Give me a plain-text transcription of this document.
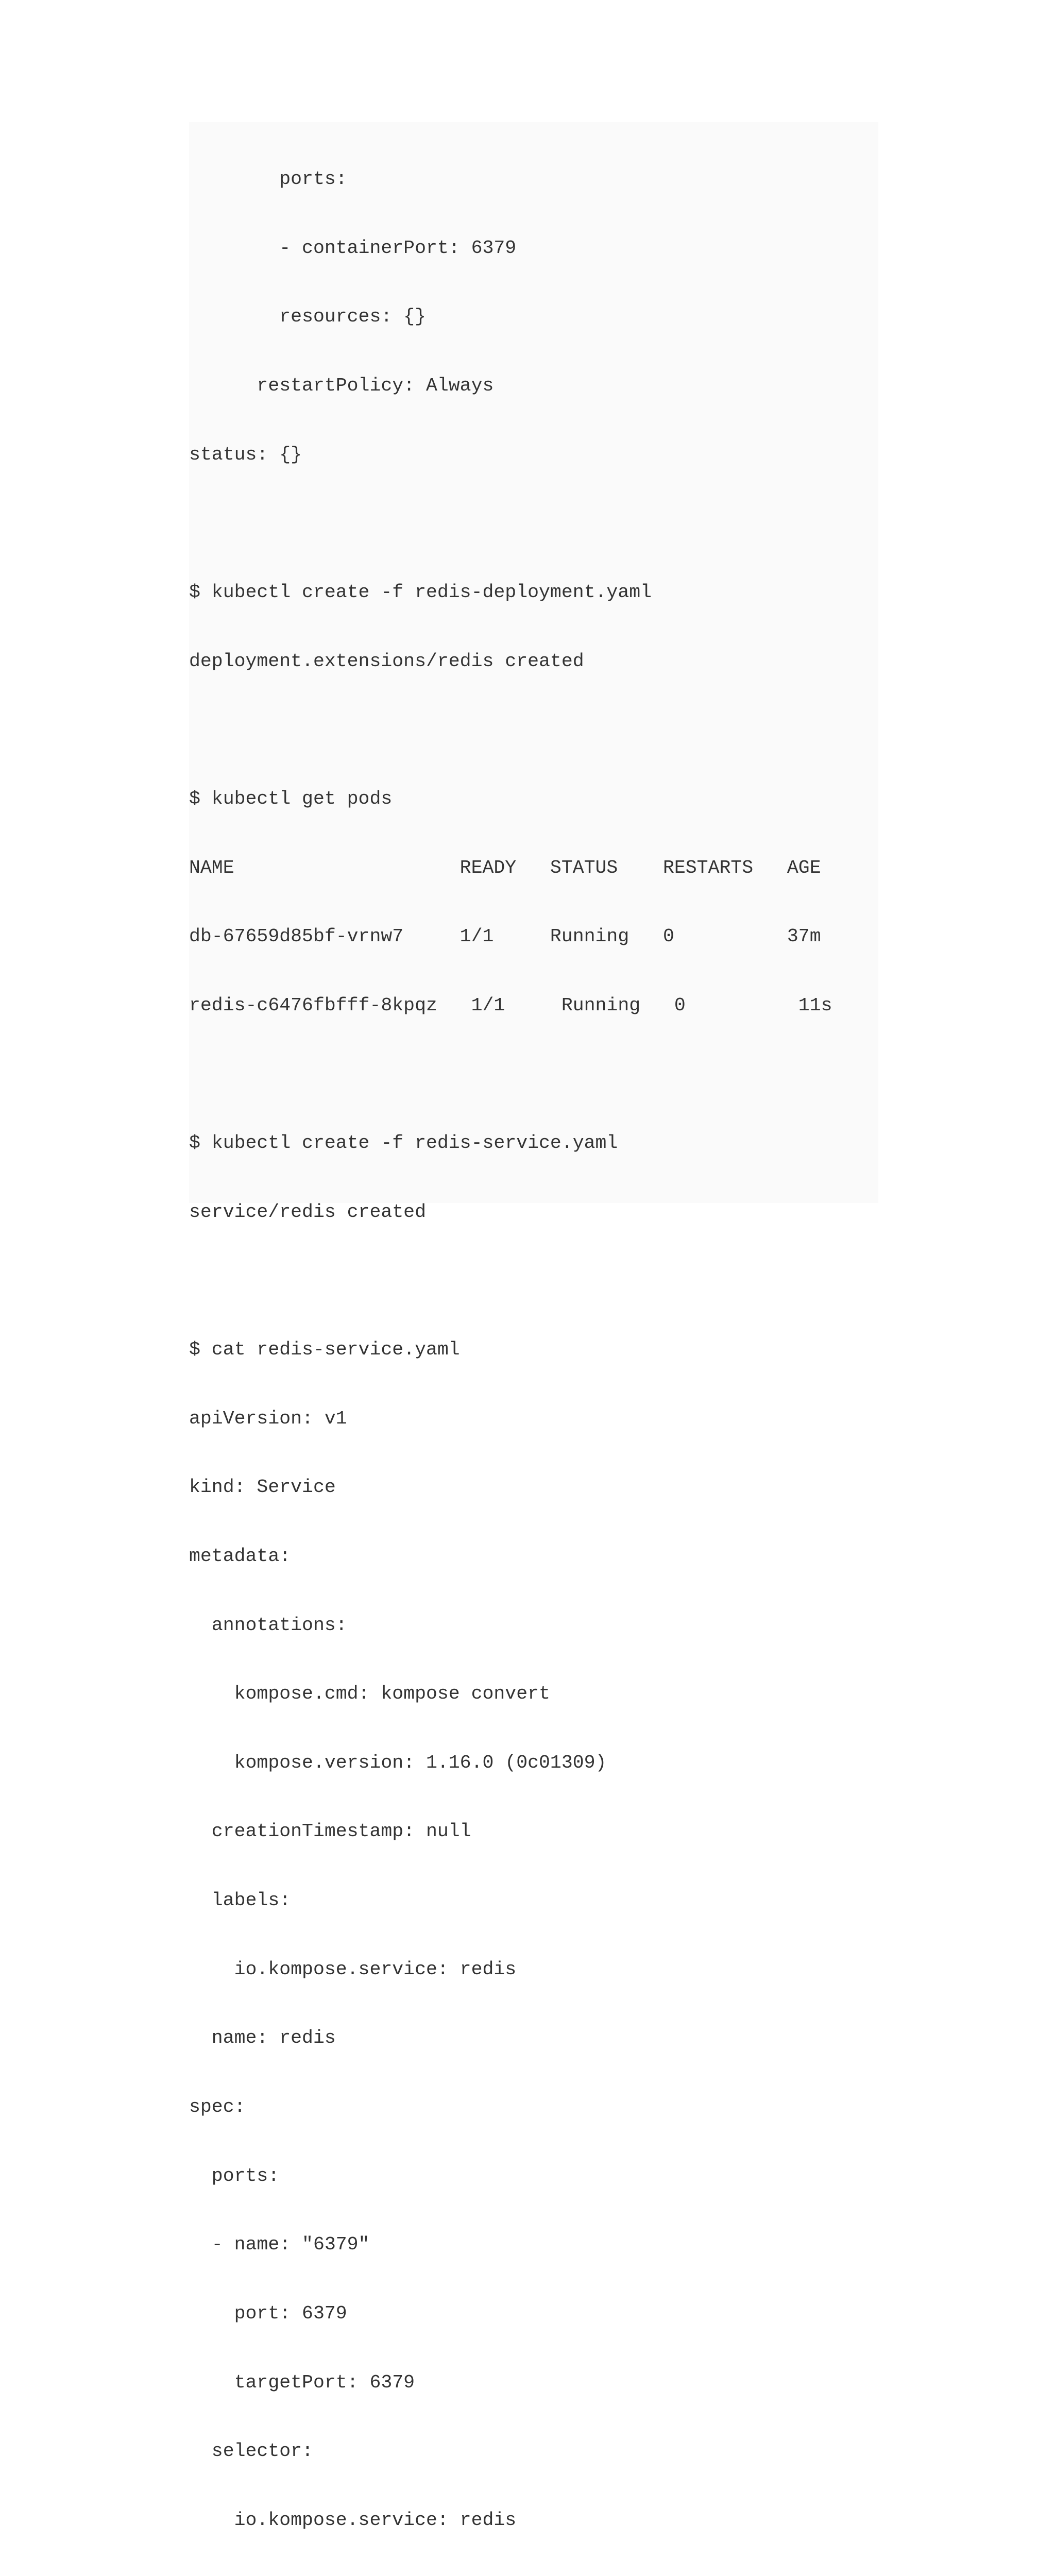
ports:

- containerPort: 6379

resources: {}

restartPolicy: Always

status: {}

$ kubectl create -f redis-deployment.yaml

deployment.extensions/redis created

$ kubectl get pods

NAME                    READY   STATUS    RESTARTS   AGE

db-67659d85bf-vrnw7     1/1     Running   0          37m

redis-c6476fbfff-8kpqz   1/1     Running   0          11s

$ kubectl create -f redis-service.yaml

service/redis created

$ cat redis-service.yaml

apiVersion: v1

kind: Service

metadata:

annotations:

kompose.cmd: kompose convert

kompose.version: 1.16.0 (0c01309)

creationTimestamp: null

labels:

io.kompose.service: redis

name: redis

spec:

ports:

- name: "6379"

port: 6379

targetPort: 6379

selector:

io.kompose.service: redis
